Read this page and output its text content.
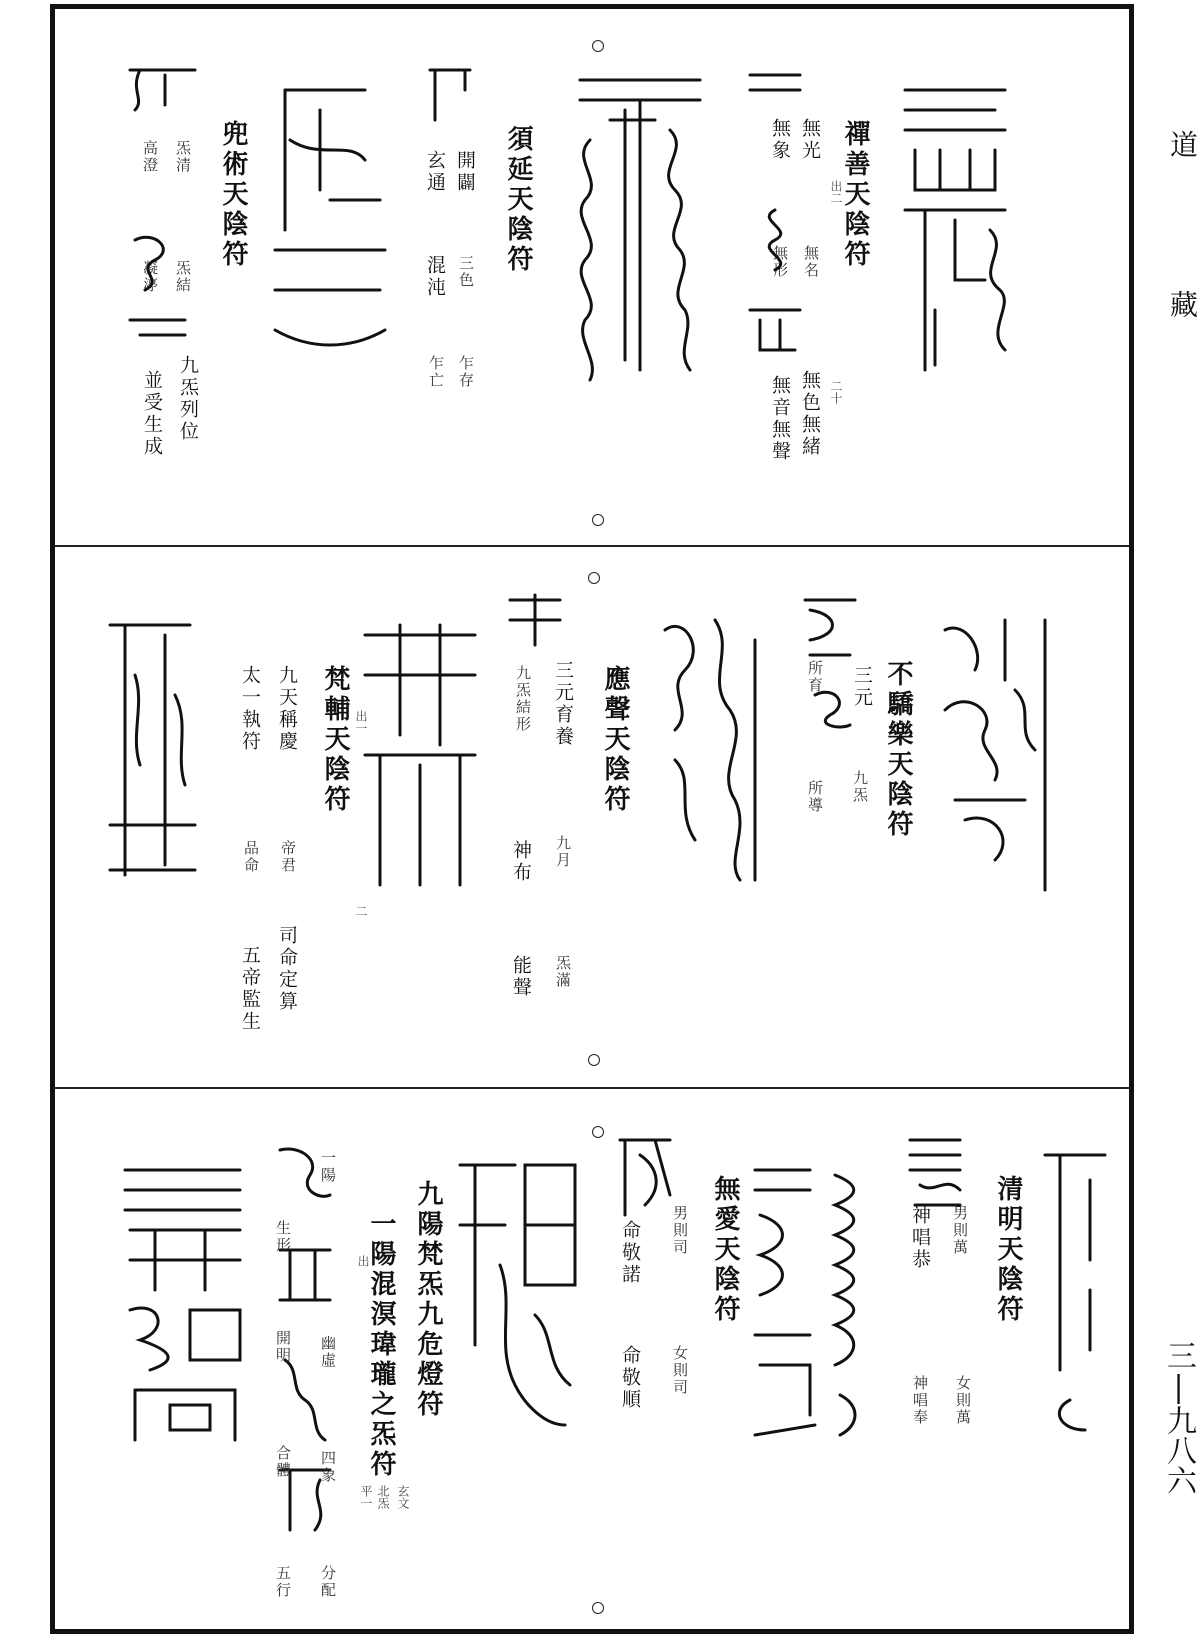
道
藏
三|九八六
禪善天陰符
無光
無名
無象
無形
無色無緒
無音無聲
出二
二十
須延天陰符
開闢
三色
玄通
混沌
乍存
乍亡
兜術天陰符
炁清
炁結
高澄
凝渟
九炁列位
並受生成
不驕樂天陰符
三元
所育
九炁
所導
應聲天陰符
三元育養
九炁結形
九月
神布
炁滿
能聲
梵輔天陰符
九天稱慶
太一執符
帝君
品命
司命定算
五帝監生
出一
二
清明天陰符
男則萬
神唱恭
女則萬
神唱奉
無愛天陰符
男則司
命敬諾
女則司
命敬順
九陽梵炁九危燈符
一陽混溟瑋瓏之炁符
出
玄文
北炁
平一
一陽
幽虛
生形
開明
四象
分配
合體
五行
